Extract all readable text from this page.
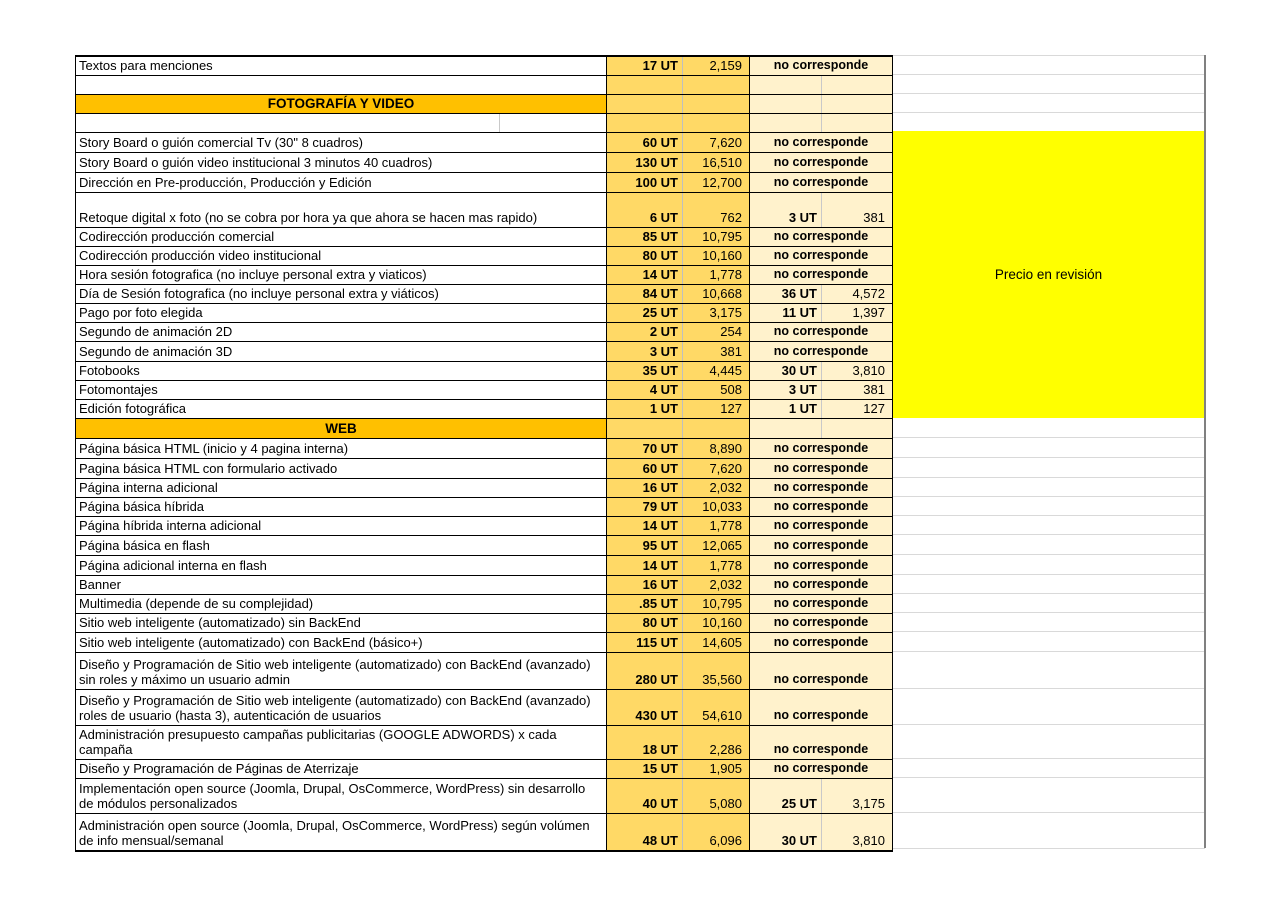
Textos para menciones	17 UT	2,159	no corresponde
FOTOGRAFÍA Y VIDEO
Story Board o guión comercial Tv (30" 8 cuadros)	60 UT	7,620	no corresponde
Story Board o guión video institucional 3 minutos 40 cuadros)	130 UT	16,510	no corresponde
Dirección en Pre-producción, Producción y Edición	100 UT	12,700	no corresponde
Retoque digital x foto (no se cobra por hora ya que ahora se hacen mas rapido)	6 UT	762	3 UT	381
Codirección producción comercial	85 UT	10,795	no corresponde
Codirección producción video institucional	80 UT	10,160	no corresponde
Hora sesión fotografica (no incluye personal extra y viaticos)	14 UT	1,778	no corresponde
Día de Sesión fotografica (no incluye personal extra y viáticos)	84 UT	10,668	36 UT	4,572
Pago por foto elegida	25 UT	3,175	11 UT	1,397
Segundo de animación 2D	2 UT	254	no corresponde
Segundo de animación 3D	3 UT	381	no corresponde
Fotobooks	35 UT	4,445	30 UT	3,810
Fotomontajes	4 UT	508	3 UT	381
Edición fotográfica	1 UT	127	1 UT	127
WEB
Página básica HTML (inicio y 4 pagina interna)	70 UT	8,890	no corresponde
Pagina básica HTML con formulario activado	60 UT	7,620	no corresponde
Página interna adicional	16 UT	2,032	no corresponde
Página básica híbrida	79 UT	10,033	no corresponde
Página híbrida interna adicional	14 UT	1,778	no corresponde
Página básica en flash	95 UT	12,065	no corresponde
Página adicional interna en flash	14 UT	1,778	no corresponde
Banner	16 UT	2,032	no corresponde
Multimedia (depende de su complejidad)	.85 UT	10,795	no corresponde
Sitio web inteligente (automatizado) sin BackEnd	80 UT	10,160	no corresponde
Sitio web inteligente (automatizado) con BackEnd (básico+)	115 UT	14,605	no corresponde
Diseño y Programación de Sitio web inteligente (automatizado) con BackEnd (avanzado) sin roles y máximo un usuario admin	280 UT	35,560	no corresponde
Diseño y Programación de Sitio web inteligente (automatizado) con BackEnd (avanzado) roles de usuario (hasta 3), autenticación de usuarios	430 UT	54,610	no corresponde
Administración presupuesto campañas publicitarias (GOOGLE ADWORDS) x cada campaña	18 UT	2,286	no corresponde
Diseño y Programación de Páginas de Aterrizaje	15 UT	1,905	no corresponde
Implementación open source (Joomla, Drupal, OsCommerce, WordPress) sin desarrollo de módulos personalizados	40 UT	5,080	25 UT	3,175
Administración open source (Joomla, Drupal, OsCommerce, WordPress) según volúmen de info mensual/semanal	48 UT	6,096	30 UT	3,810
Precio en revisión
